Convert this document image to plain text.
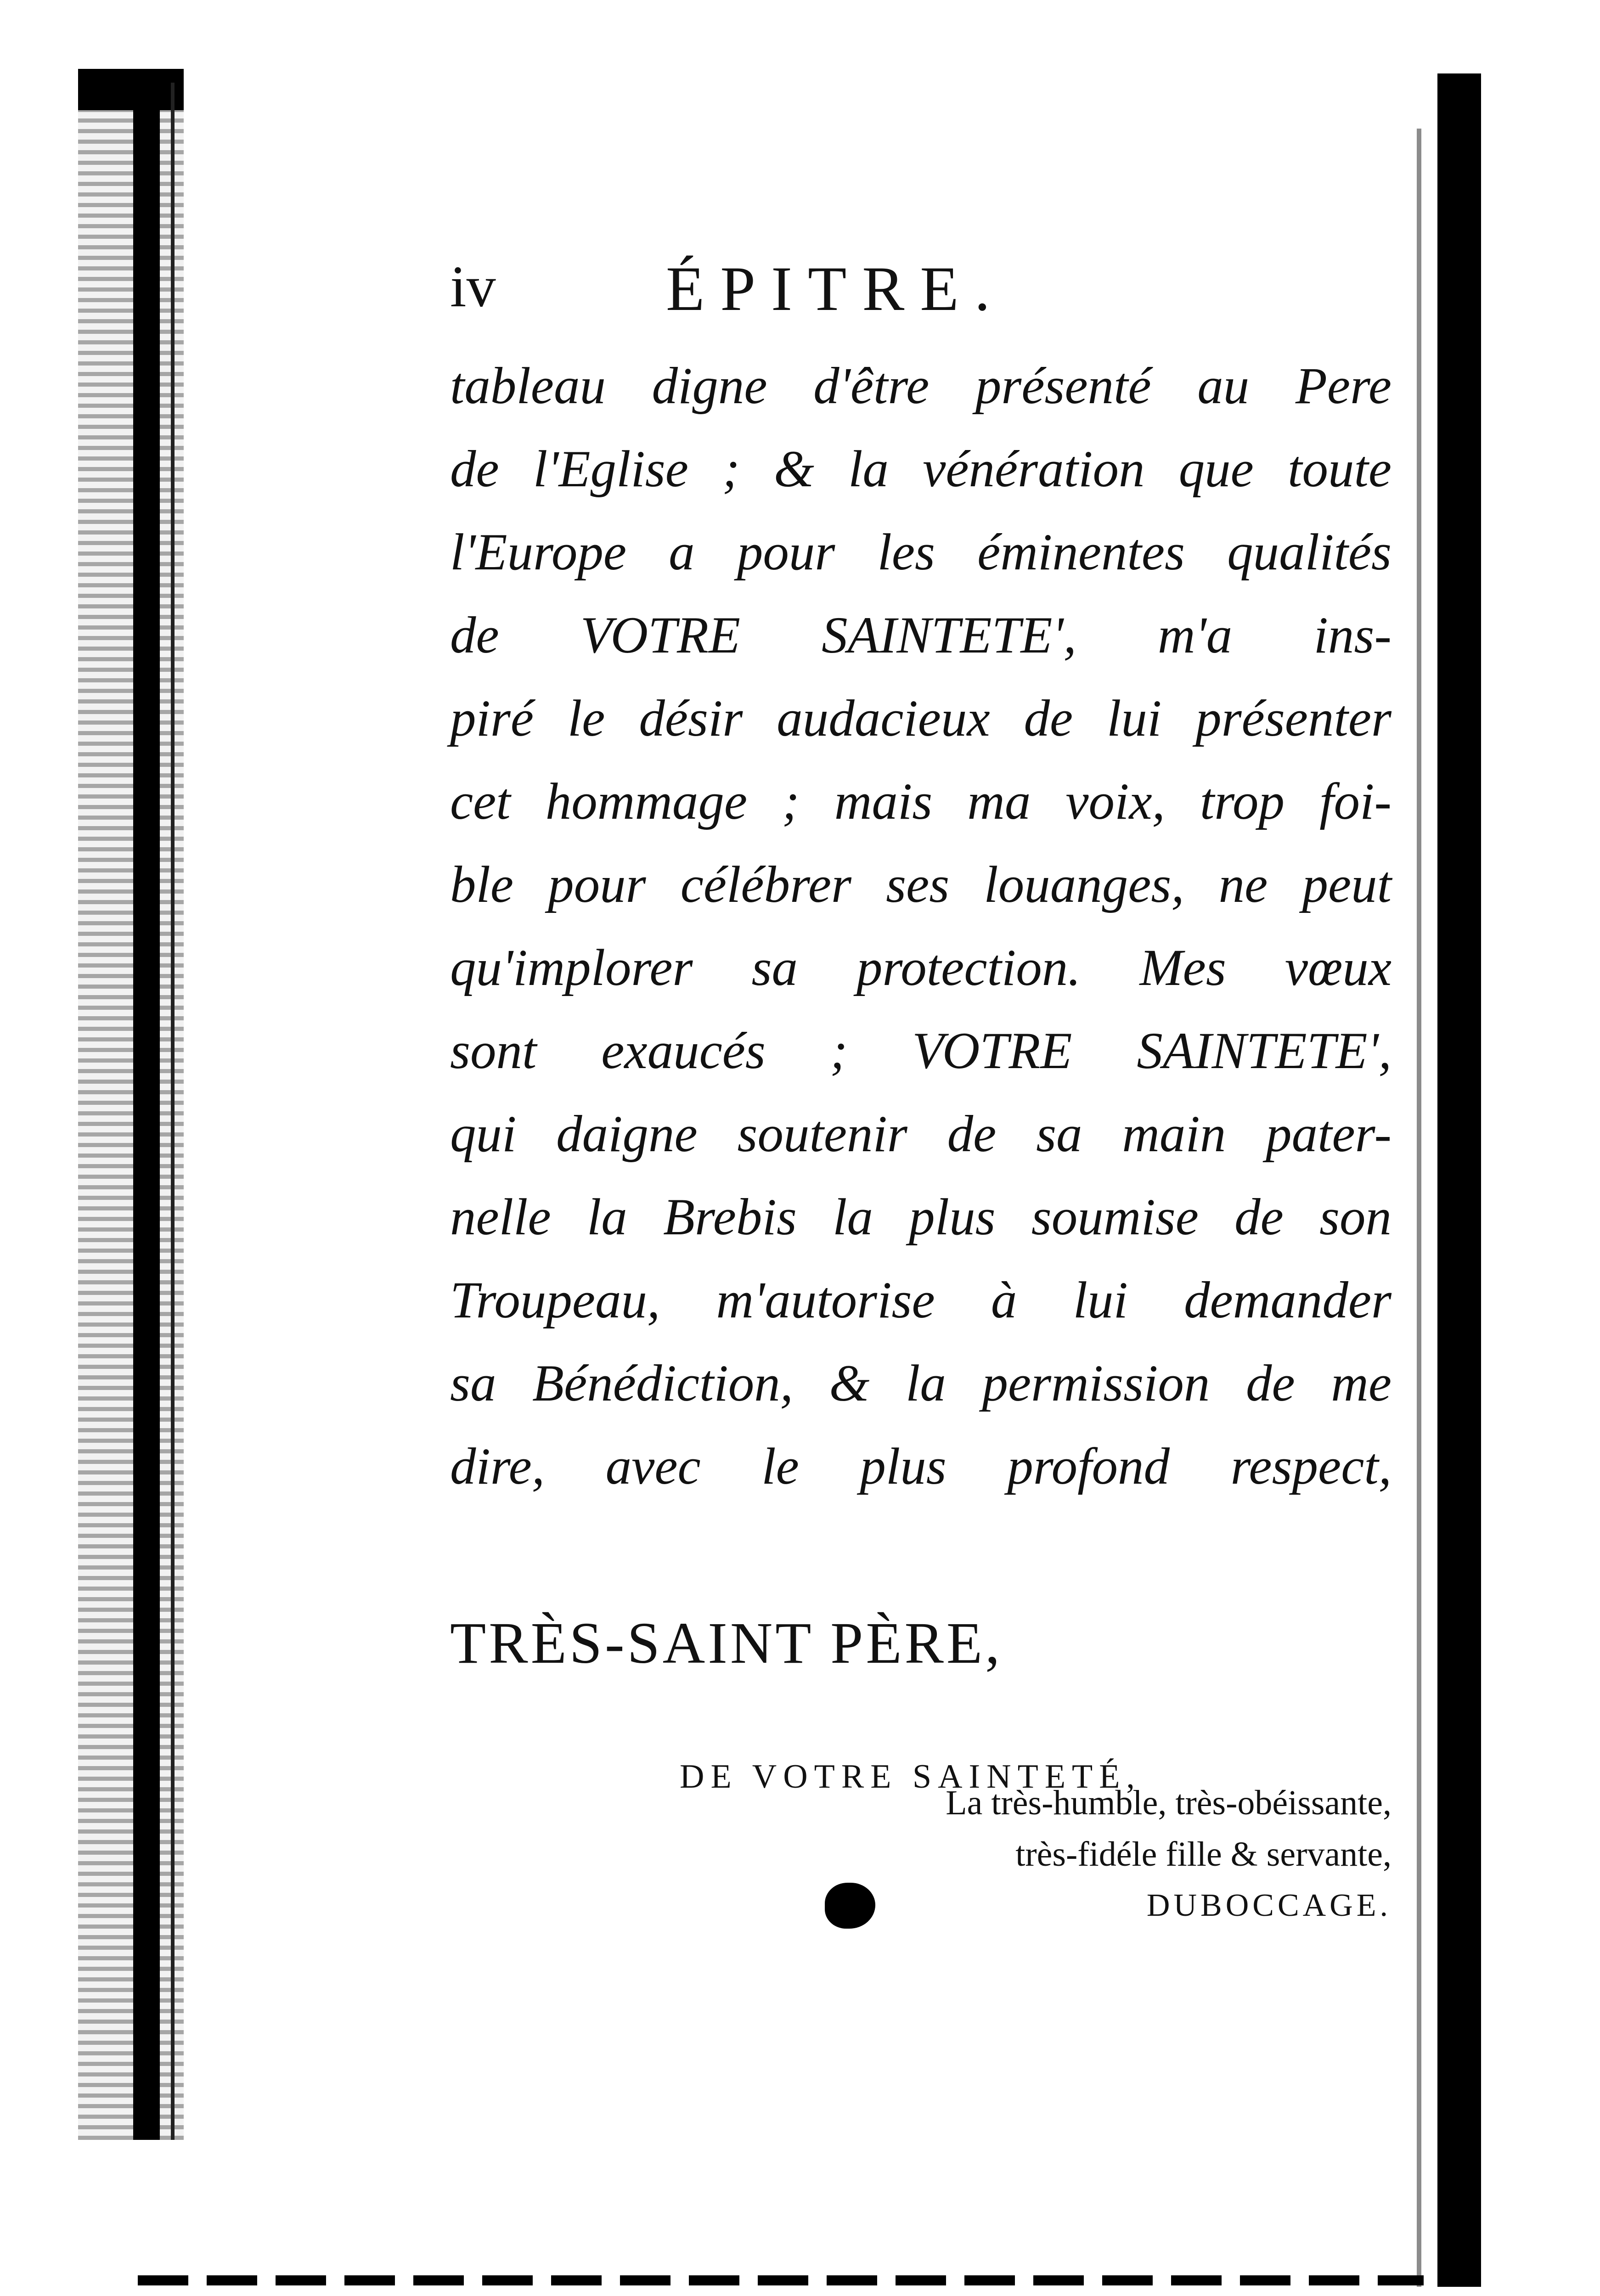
iv	ÉPITRE.
tableau digne d'être présenté au Pere
de l'Eglise ; & la vénération que toute
l'Europe a pour les éminentes qualités
de VOTRE SAINTETE', m'a ins-
piré le désir audacieux de lui présenter
cet hommage ; mais ma voix, trop foi-
ble pour célébrer ses louanges, ne peut
qu'implorer sa protection. Mes vœux
sont exaucés ; VOTRE SAINTETE',
qui daigne soutenir de sa main pater-
nelle la Brebis la plus soumise de son
Troupeau, m'autorise à lui demander
sa Bénédiction, & la permission de me
dire, avec le plus profond respect,
TRÈS-SAINT PÈRE,
DE VOTRE SAINTETÉ,
La très-humble, très-obéissante,
très-fidéle fille & servante,
DUBOCCAGE.
